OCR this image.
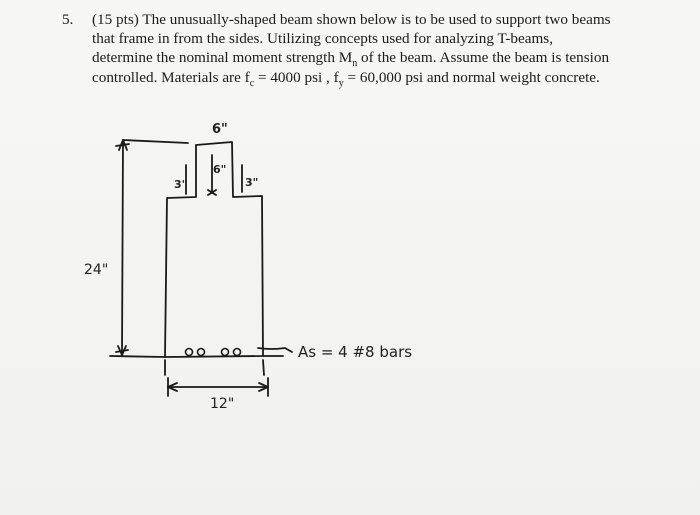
5. (15 pts) The unusually-shaped beam shown below is to be used to support two beams
that frame in from the sides. Utilizing concepts used for analyzing T-beams,
determine the nominal moment strength $M_n$ of the beam. Assume the beam is tension
controlled. Materials are $f_c = 4000$ psi , $f_y = 60,000$ psi and normal weight concrete.
6"
6"
3"	3"
24"
12"
As = 4 #8 bars
